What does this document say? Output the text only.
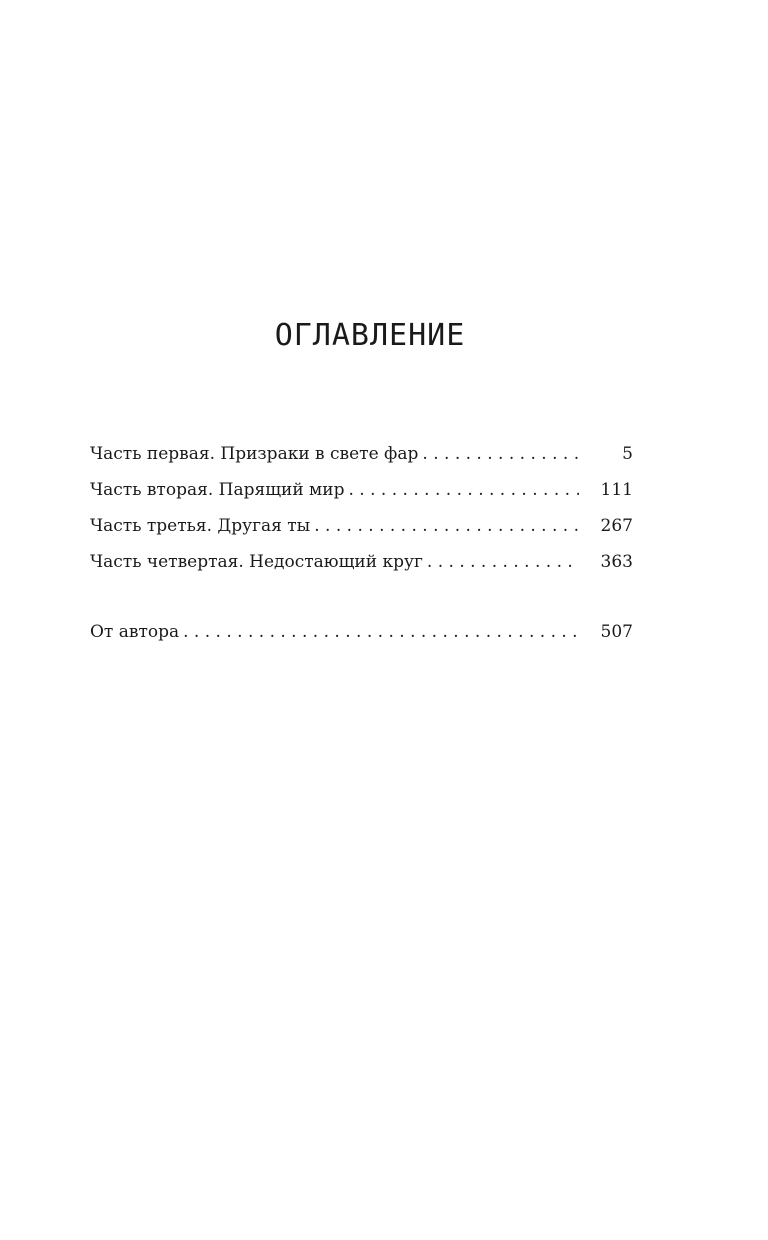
ОГЛАВЛЕНИЕ
Часть первая. Призраки в свете фар . . .	5
Часть вторая. Парящий мир . . .	111
Часть третья. Другая ты . . .	267
Часть четвертая. Недостающий круг . . .	363
От автора . . .	507
